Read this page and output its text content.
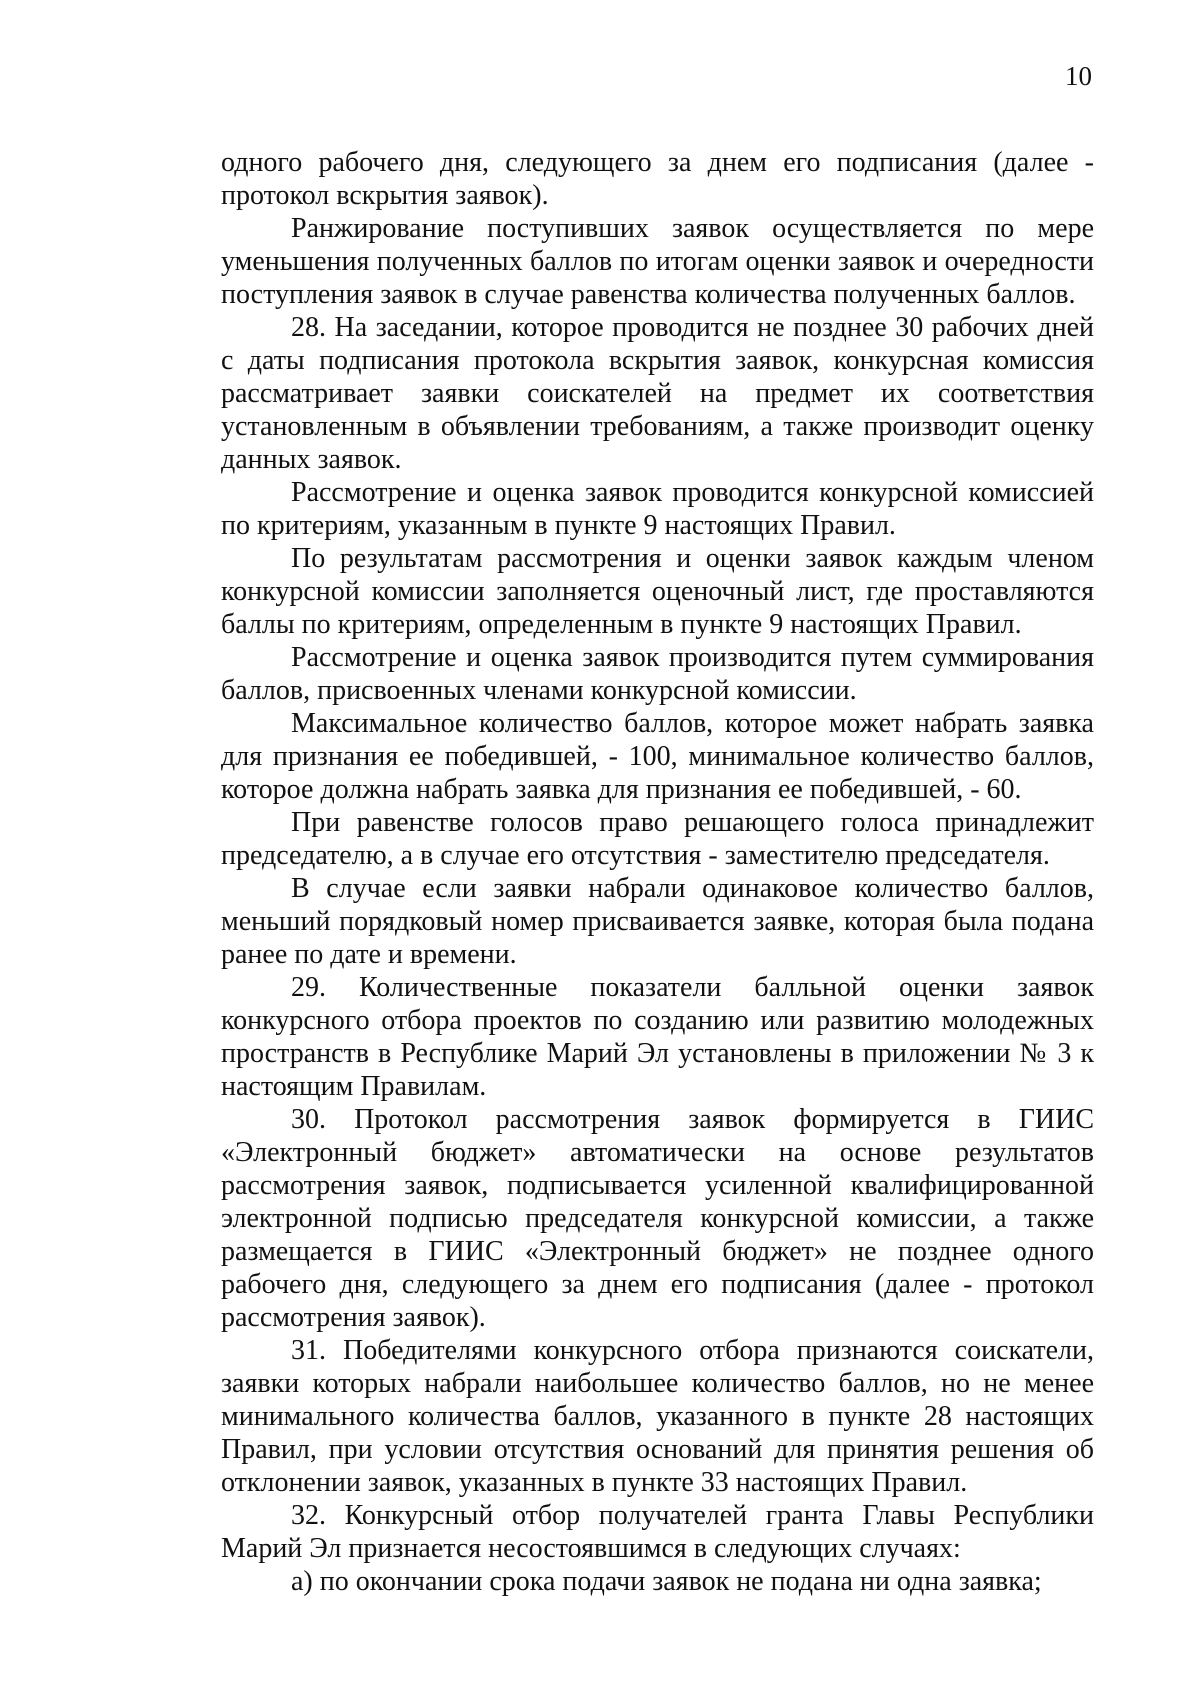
10

одного рабочего дня, следующего за днем его подписания (далее - протокол вскрытия заявок).

Ранжирование поступивших заявок осуществляется по мере уменьшения полученных баллов по итогам оценки заявок и очередности поступления заявок в случае равенства количества полученных баллов.

28. На заседании, которое проводится не позднее 30 рабочих дней с даты подписания протокола вскрытия заявок, конкурсная комиссия рассматривает заявки соискателей на предмет их соответствия установленным в объявлении требованиям, а также производит оценку данных заявок.

Рассмотрение и оценка заявок проводится конкурсной комиссией по критериям, указанным в пункте 9 настоящих Правил.

По результатам рассмотрения и оценки заявок каждым членом конкурсной комиссии заполняется оценочный лист, где проставляются баллы по критериям, определенным в пункте 9 настоящих Правил.

Рассмотрение и оценка заявок производится путем суммирования баллов, присвоенных членами конкурсной комиссии.

Максимальное количество баллов, которое может набрать заявка для признания ее победившей, - 100, минимальное количество баллов, которое должна набрать заявка для признания ее победившей, - 60.

При равенстве голосов право решающего голоса принадлежит председателю, а в случае его отсутствия - заместителю председателя.

В случае если заявки набрали одинаковое количество баллов, меньший порядковый номер присваивается заявке, которая была подана ранее по дате и времени.

29. Количественные показатели балльной оценки заявок конкурсного отбора проектов по созданию или развитию молодежных пространств в Республике Марий Эл установлены в приложении № 3 к настоящим Правилам.

30. Протокол рассмотрения заявок формируется в ГИИС «Электронный бюджет» автоматически на основе результатов рассмотрения заявок, подписывается усиленной квалифицированной электронной подписью председателя конкурсной комиссии, а также размещается в ГИИС «Электронный бюджет» не позднее одного рабочего дня, следующего за днем его подписания (далее - протокол рассмотрения заявок).

31. Победителями конкурсного отбора признаются соискатели, заявки которых набрали наибольшее количество баллов, но не менее минимального количества баллов, указанного в пункте 28 настоящих Правил, при условии отсутствия оснований для принятия решения об отклонении заявок, указанных в пункте 33 настоящих Правил.

32. Конкурсный отбор получателей гранта Главы Республики Марий Эл признается несостоявшимся в следующих случаях:

а) по окончании срока подачи заявок не подана ни одна заявка;
